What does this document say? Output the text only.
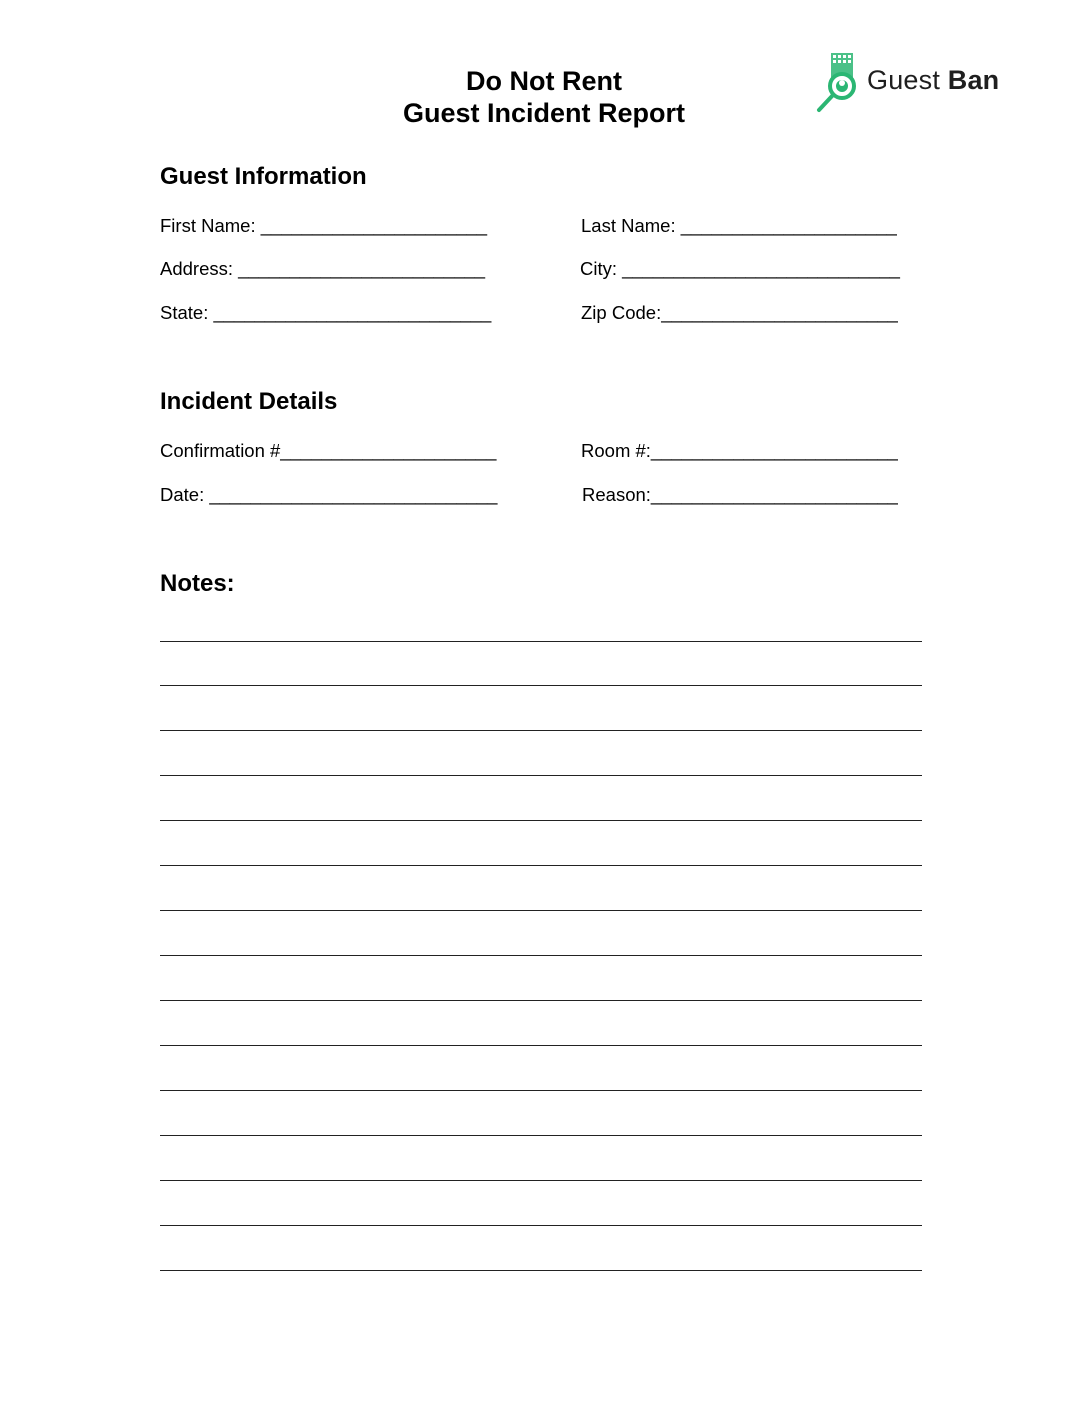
Do Not Rent
Guest Incident Report
Guest Ban
Guest Information
First Name: ______________________	Last Name: _____________________
Address: ________________________	City: ___________________________
State: ___________________________	Zip Code:_______________________
Incident Details
Confirmation #_____________________	Room #:________________________
Date: ____________________________	Reason:________________________
Notes:
